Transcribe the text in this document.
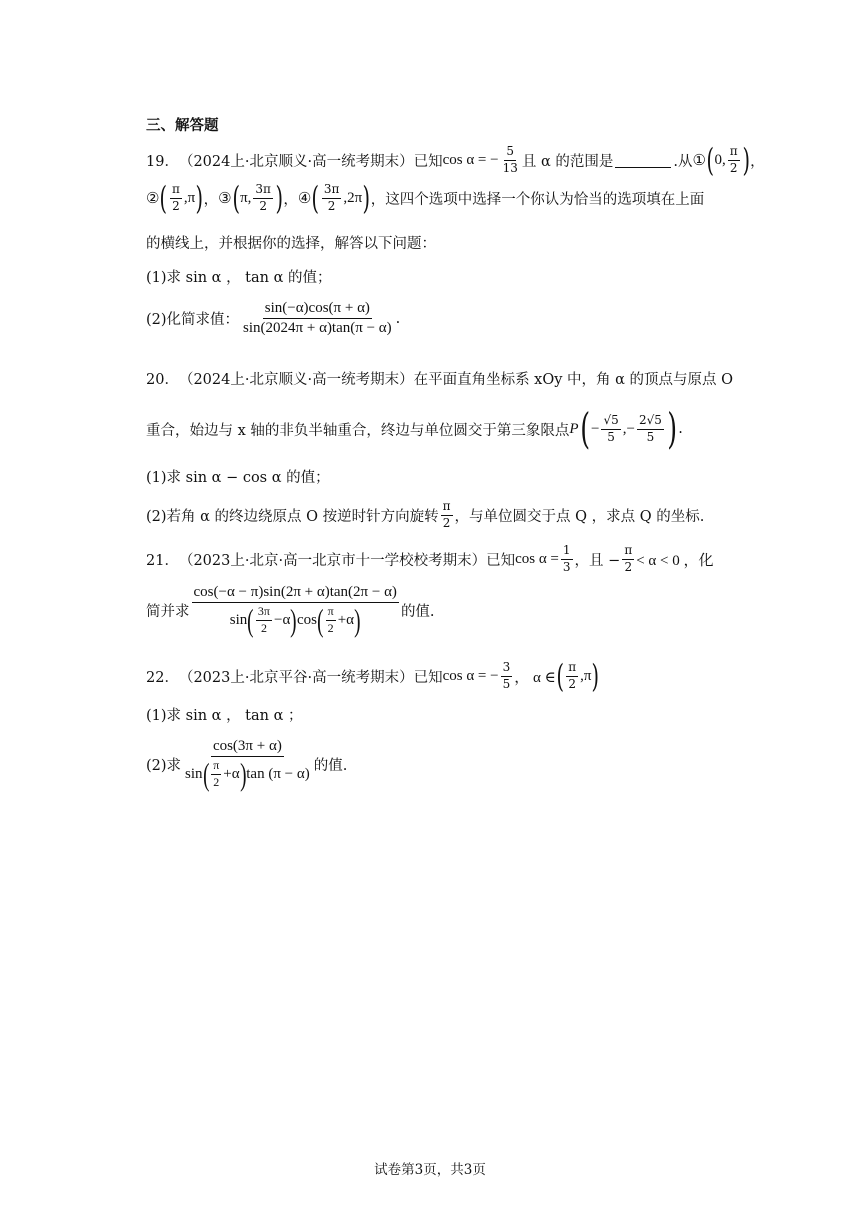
三、解答题
19． （2024上·北京顺义·高一统考期末） 已知 cos α = − $\frac{5}{13}$ 且 α 的范围是	.从 ① ( 0, $\frac{\pi}{2}$ ) ，
② ( $\frac{\pi}{2} ,\pi$ ) ， ③ ( π, $\frac{3\pi}{2}$ ) ， ④ ( $\frac{3\pi}{2} ,2\pi$ ) ，这四个选项中选择一个你认为恰当的选项填在上面
的横线上，并根据你的选择，解答以下问题：
(1)求 sin α ， tan α 的值；
(2)化简求值： $\frac{\sin(-\alpha)\cos(\pi + \alpha)}{\sin(2024\pi + \alpha)\tan(\pi - \alpha)}$ .
20． （2024上·北京顺义·高一统考期末） 在平面直角坐标系 xOy 中，角 α 的顶点与原点 O
重合，始边与 x 轴的非负半轴重合，终边与单位圆交于第三象限点 P ( − $\frac{√5}{5}$ ,− $\frac{2√5}{5}$ ) .
(1)求 sin α − cos α 的值；
(2)若角 α 的终边绕原点 O 按逆时针方向旋转 $\frac{\pi}{2}$ ，与单位圆交于点 Q ，求点 Q 的坐标.
21． （2023上·北京·高一北京市十一学校校考期末） 已知 $\cos \alpha = \frac{1}{3}$ ，且 − $\frac{\pi}{2} < \alpha < 0$ ，化
简并求
cos(−α − π)sin(2π + α)tan(2π − α)
sin ( $\frac{3\pi}{2} -\alpha$ ) cos ( $\frac{\pi}{2} +\alpha$ )	的值.
22． （2023上·北京平谷·高一统考期末） 已知 cos α = − $\frac{3}{5}$ ， α ∈ ( $\frac{\pi}{2} ,\pi$ )
(1)求 sin α ， tan α ；
(2)求
cos(3π + α)
sin ( $\frac{\pi}{2} +\alpha$ ) tan (π − α) 的值.
试卷第3页，共3页
